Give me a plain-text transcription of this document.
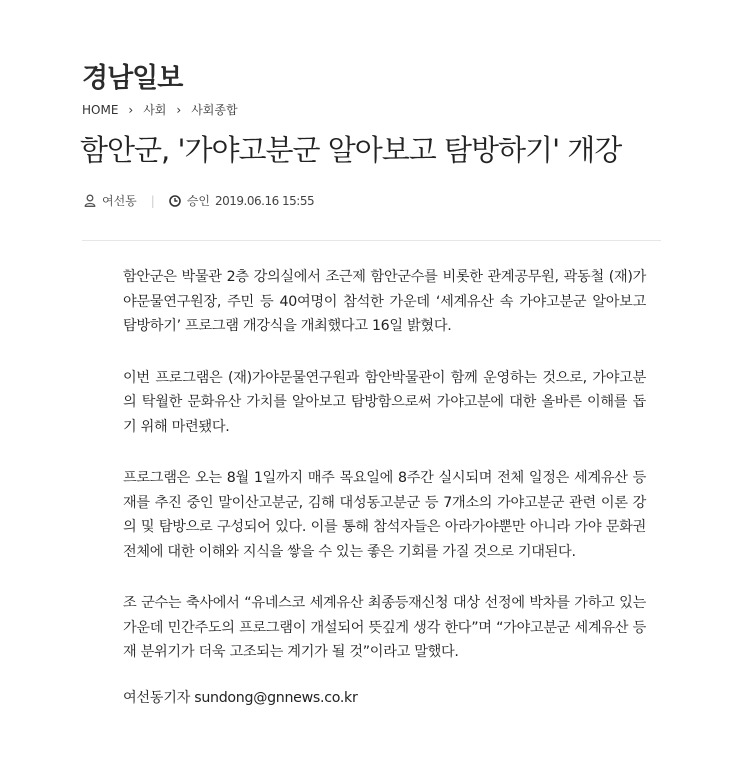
경남일보
HOME › 사회 › 사회종합
함안군, '가야고분군 알아보고 탐방하기' 개강
여선동 |	승인 2019.06.16 15:55

함안군은 박물관 2층 강의실에서 조근제 함안군수를 비롯한 관계공무원, 곽동철 (재)가야문물연구원장, 주민 등 40여명이 참석한 가운데 ‘세계유산 속 가야고분군 알아보고 탐방하기’ 프로그램 개강식을 개최했다고 16일 밝혔다.

이번 프로그램은 (재)가야문물연구원과 함안박물관이 함께 운영하는 것으로, 가야고분의 탁월한 문화유산 가치를 알아보고 탐방함으로써 가야고분에 대한 올바른 이해를 돕기 위해 마련됐다.

프로그램은 오는 8월 1일까지 매주 목요일에 8주간 실시되며 전체 일정은 세계유산 등재를 추진 중인 말이산고분군, 김해 대성동고분군 등 7개소의 가야고분군 관련 이론 강의 및 탐방으로 구성되어 있다. 이를 통해 참석자들은 아라가야뿐만 아니라 가야 문화권 전체에 대한 이해와 지식을 쌓을 수 있는 좋은 기회를 가질 것으로 기대된다.

조 군수는 축사에서 “유네스코 세계유산 최종등재신청 대상 선정에 박차를 가하고 있는 가운데 민간주도의 프로그램이 개설되어 뜻깊게 생각 한다”며 “가야고분군 세계유산 등재 분위기가 더욱 고조되는 계기가 될 것”이라고 말했다.

여선동기자 sundong@gnnews.co.kr
